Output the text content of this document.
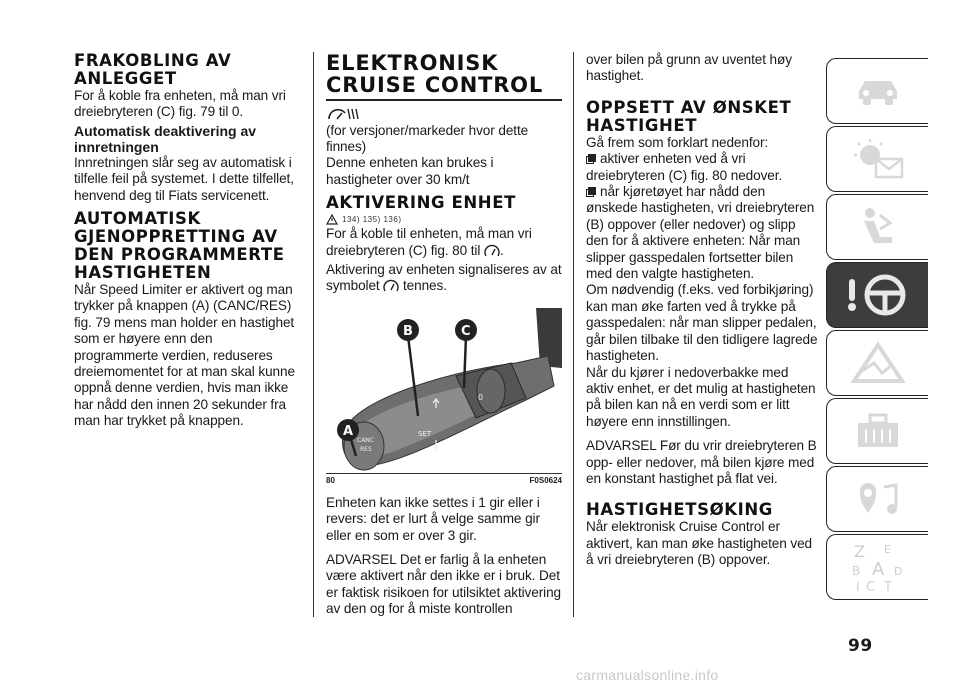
FRAKOBLING AV ANLEGGET

For å koble fra enheten, må man vri dreiebryteren (C) fig. 79 til 0.

Automatisk deaktivering av innretningen

Innretningen slår seg av automatisk i tilfelle feil på systemet. I dette tilfellet, henvend deg til Fiats servicenett.

AUTOMATISK GJENOPPRETTING AV DEN PROGRAMMERTE HASTIGHETEN

Når Speed Limiter er aktivert og man trykker på knappen (A) (CANC/RES) fig. 79 mens man holder en hastighet som er høyere enn den programmerte verdien, reduseres dreiemomentet for at man skal kunne oppnå denne verdien, hvis man ikke har nådd den innen 20 sekunder fra man har trykket på knappen.

ELEKTRONISK CRUISE CONTROL

(for versjoner/markeder hvor dette finnes)

Denne enheten kan brukes i hastigheter over 30 km/t

AKTIVERING ENHET
134) 135) 136)

For å koble til enheten, må man vri dreiebryteren (C) fig. 80 til .

Aktivering av enheten signaliseres av at symbolet tennes.

CANC
RES
SET
0
B	C
A
80	F0S0624

Enheten kan ikke settes i 1 gir eller i revers: det er lurt å velge samme gir eller en som er over 3 gir.

ADVARSEL Det er farlig å la enheten være aktivert når den ikke er i bruk. Det er faktisk risikoen for utilsiktet aktivering av den og for å miste kontrollen

over bilen på grunn av uventet høy hastighet.

OPPSETT AV ØNSKET HASTIGHET

Gå frem som forklart nedenfor:

aktiver enheten ved å vri dreiebryteren (C) fig. 80 nedover.

når kjøretøyet har nådd den ønskede hastigheten, vri dreiebryteren (B) oppover (eller nedover) og slipp den for å aktivere enheten: Når man slipper gasspedalen fortsetter bilen med den valgte hastigheten.

Om nødvendig (f.eks. ved forbikjøring) kan man øke farten ved å trykke på gasspedalen: når man slipper pedalen, går bilen tilbake til den tidligere lagrede hastigheten.

Når du kjører i nedoverbakke med aktiv enhet, er det mulig at hastigheten på bilen kan nå en verdi som er litt høyere enn innstillingen.

ADVARSEL Før du vrir dreiebryteren B opp- eller nedover, må bilen kjøre med en konstant hastighet på flat vei.

HASTIGHETSØKING

Når elektronisk Cruise Control er aktivert, kan man øke hastigheten ved å vri dreiebryteren (B) oppover.	Z E
B A
C
D
I T
99
carmanualsonline.info
